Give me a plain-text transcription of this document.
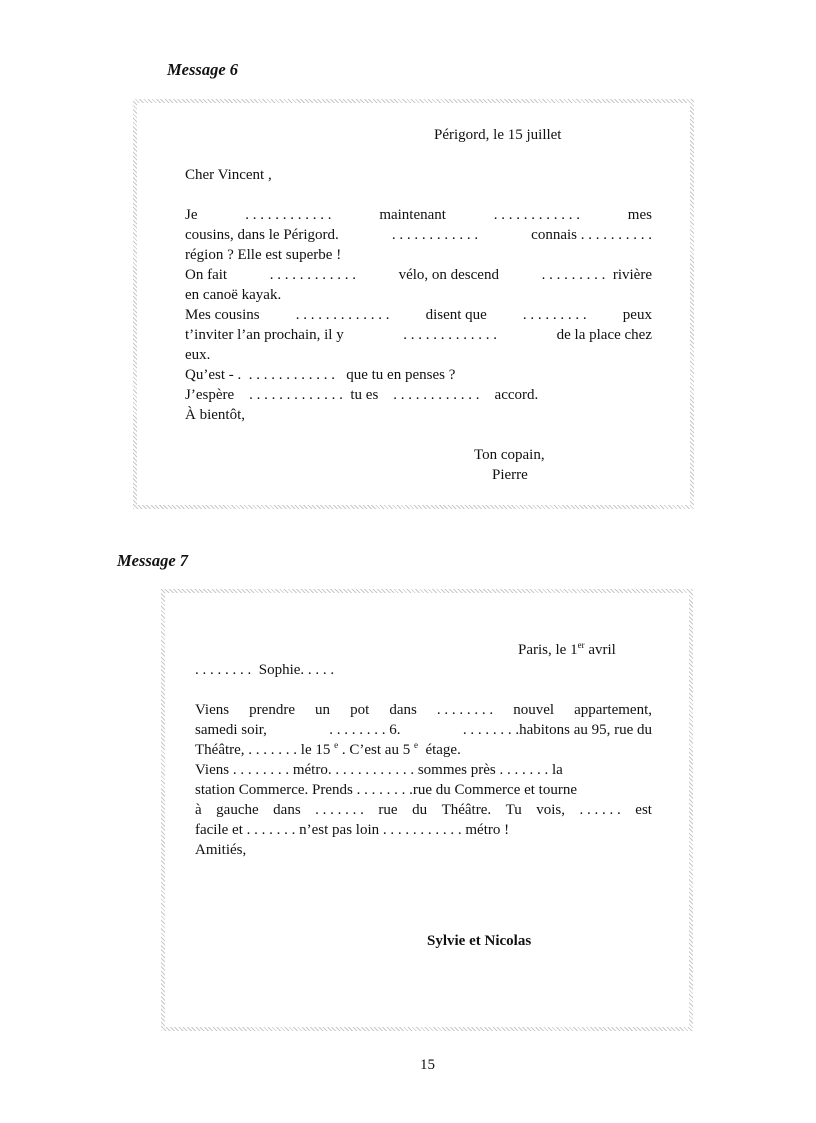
Message 6
Périgord, le 15 juillet
Cher Vincent ,
Je	. . . . . . . . . . . .	maintenant	. . . . . . . . . . . .	mes
cousins, dans le Périgord.	. . . . . . . . . . . .	connais . . . . . . . . . .
région ? Elle est superbe !
On fait	. . . . . . . . . . . .	vélo, on descend	. . . . . . . . .  rivière
en canoë kayak.
Mes cousins . . . . . . . . . . . . . disent que . . . . . . . . . peux
t’inviter l’an prochain, il y	. . . . . . . . . . . . .	de la place chez
eux.
Qu’est - .  . . . . . . . . . . . .   que tu en penses ?
J’espère    . . . . . . . . . . . . .  tu es    . . . . . . . . . . . .    accord.
À bientôt,
Ton copain,
Pierre
Message 7
Paris, le 1er avril
. . . . . . . .  Sophie. . . . .
Viens prendre un pot dans . . . . . . . . nouvel appartement,
samedi soir,	. . . . . . . . 6.	. . . . . . . .habitons au 95, rue du
Théâtre, . . . . . . . le 15 $^e$ . C’est au 5 $^e$  étage.
Viens . . . . . . . . métro. . . . . . . . . . . . sommes près . . . . . . . la
station Commerce. Prends . . . . . . . .rue du Commerce et tourne
à gauche dans . . . . . . . rue du Théâtre. Tu vois, . . . . . . est
facile et . . . . . . . n’est pas loin . . . . . . . . . . . métro !
Amitiés,
Sylvie et Nicolas
15
